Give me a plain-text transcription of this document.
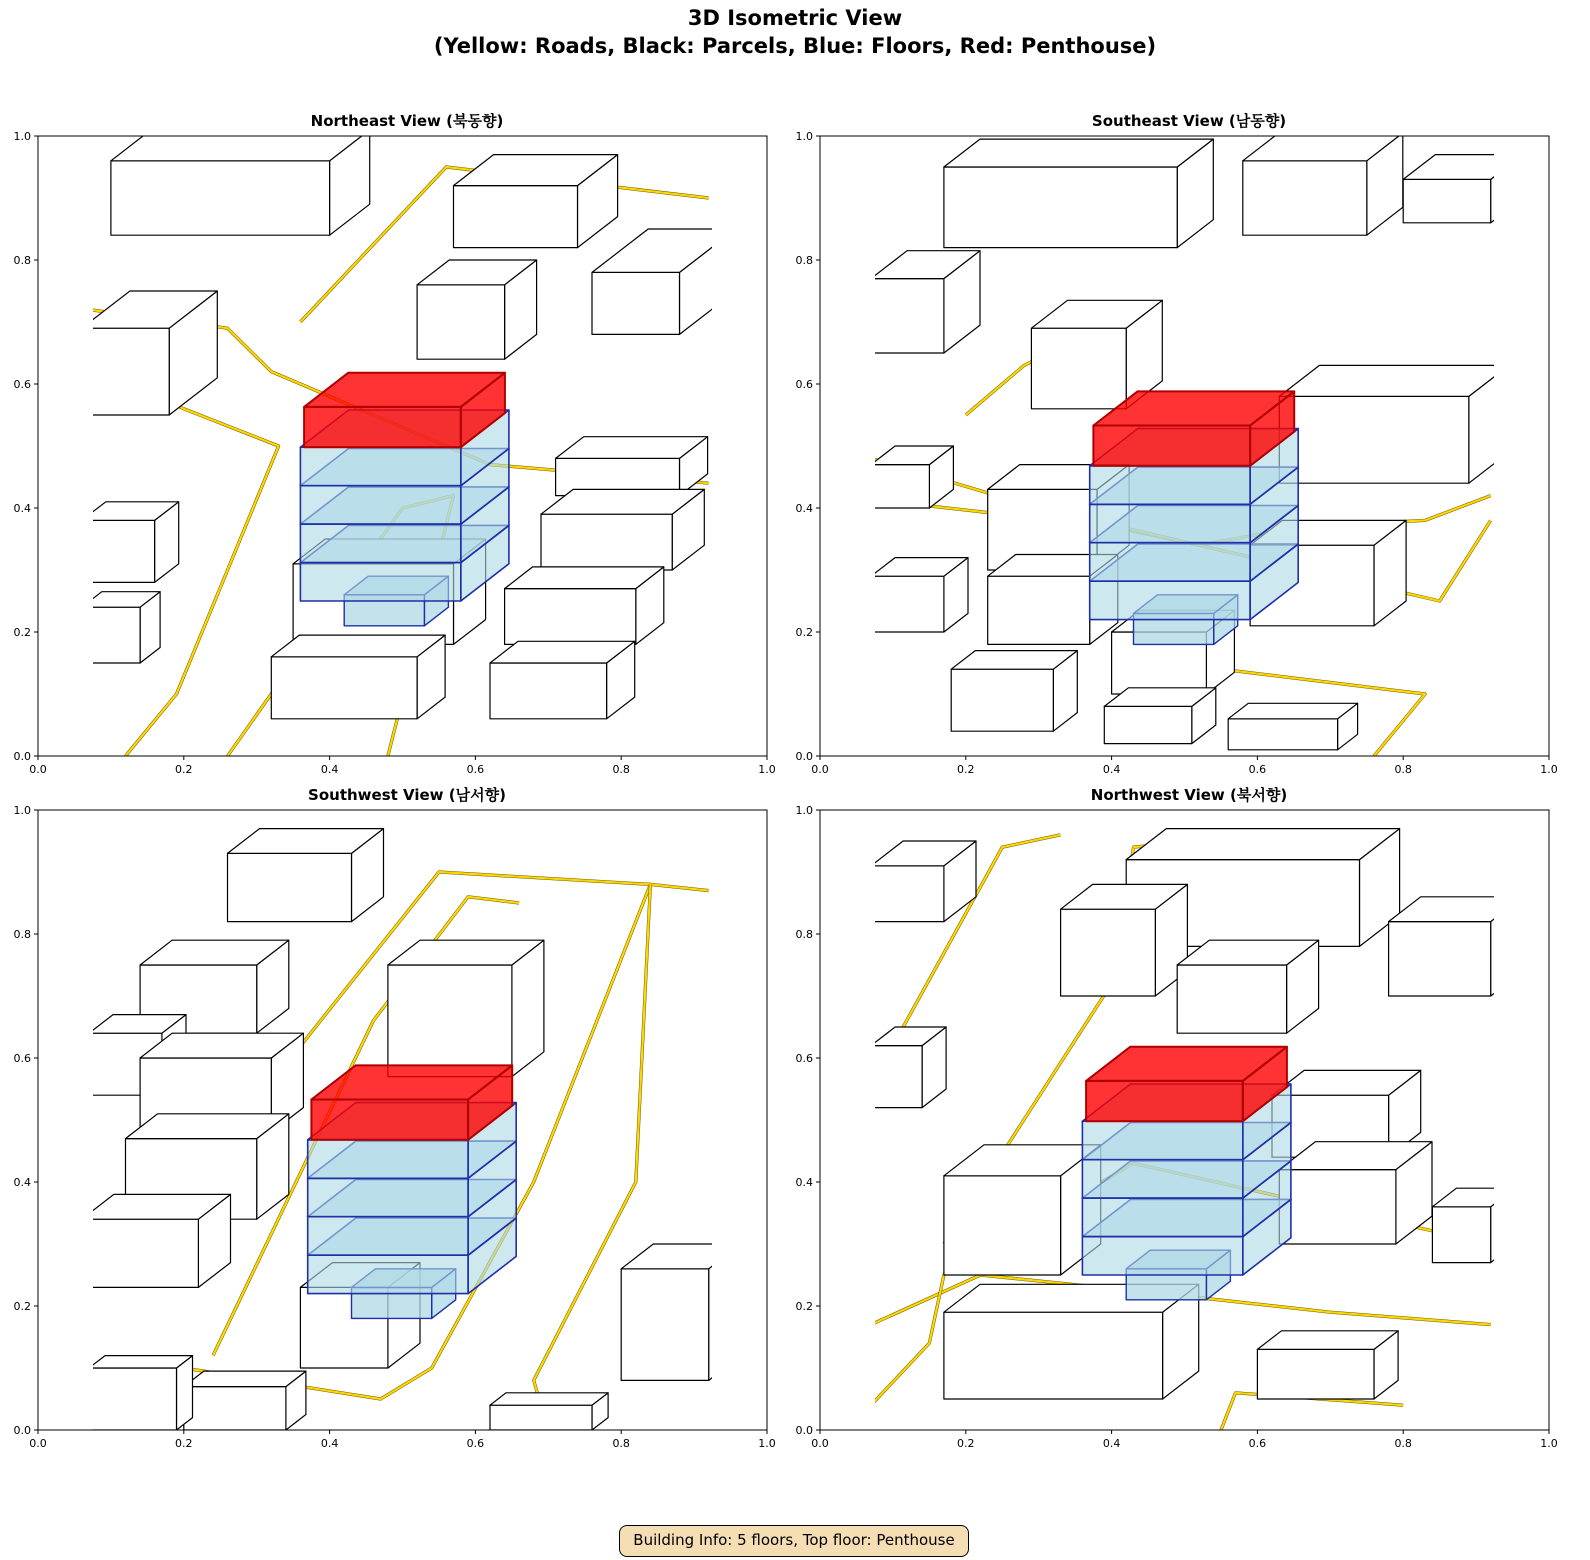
3D Isometric View
(Yellow: Roads, Black: Parcels, Blue: Floors, Red: Penthouse)
Northeast View (북동향)	Southeast View (남동향)
Southwest View (남서향)	Northwest View (북서향)
0.0
0.0
0.2
0.2
0.4
0.4
0.6
0.6
0.8
0.8
1.0
1.0
0.0
0.0
0.2
0.2
0.4
0.4
0.6
0.6
0.8
0.8
1.0
1.0
0.0
0.0
0.2
0.2
0.4
0.4
0.6
0.6
0.8
0.8
1.0
1.0
0.0
0.0
0.2
0.2
0.4
0.4
0.6
0.6
0.8
0.8
1.0
1.0
Building Info: 5 floors, Top floor: Penthouse
